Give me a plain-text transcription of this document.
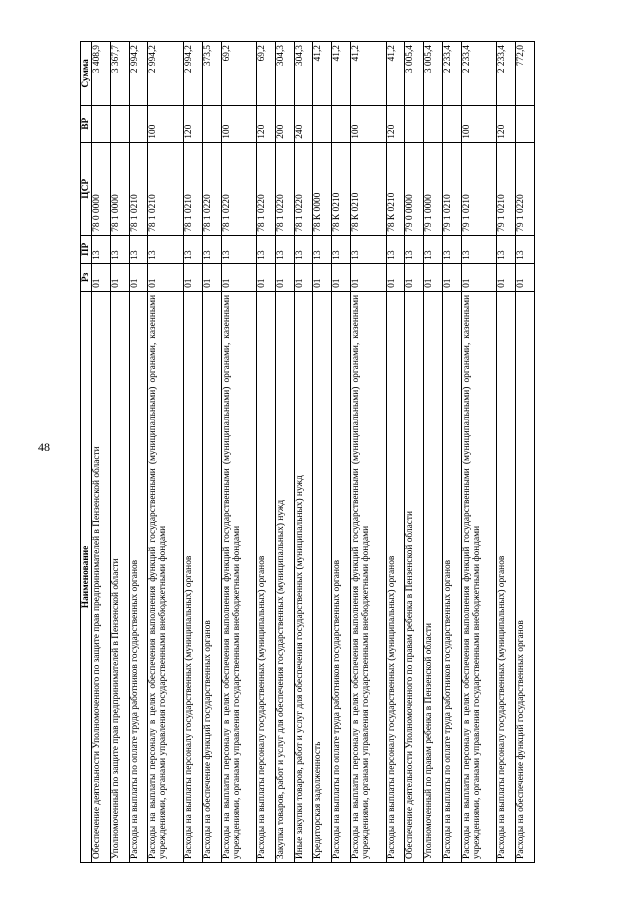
48
Наименование	Рз	ПР	ЦСР	ВР	Сумма
Обеспечение деятельности Уполномоченного по защите прав предпринимателей в Пензенской области	01	13	78 0 0000		3 408,9
Уполномоченный по защите прав предпринимателей в Пензенской области	01	13	78 1 0000		3 367,7
Расходы на выплаты по оплате труда работников государственных органов	01	13	78 1 0210		2 994,2
Расходы на выплаты персоналу в целях обеспечения выполнения функций государственными (муниципальными) органами, казенными учреждениями, органами управления государственными внебюджетными фондами	01	13	78 1 0210	100	2 994,2
Расходы на выплаты персоналу государственных (муниципальных) органов	01	13	78 1 0210	120	2 994,2
Расходы на обеспечение функций государственных органов	01	13	78 1 0220		373,5
Расходы на выплаты персоналу в целях обеспечения выполнения функций государственными (муниципальными) органами, казенными учреждениями, органами управления государственными внебюджетными фондами	01	13	78 1 0220	100	69,2
Расходы на выплаты персоналу государственных (муниципальных) органов	01	13	78 1 0220	120	69,2
Закупка товаров, работ и услуг для обеспечения государственных (муниципальных) нужд	01	13	78 1 0220	200	304,3
Иные закупки товаров, работ и услуг для обеспечения государственных (муниципальных) нужд	01	13	78 1 0220	240	304,3
Кредиторская задолженность	01	13	78 К 0000		41,2
Расходы на выплаты по оплате труда работников государственных органов	01	13	78 К 0210		41,2
Расходы на выплаты персоналу в целях обеспечения выполнения функций государственными (муниципальными) органами, казенными учреждениями, органами управления государственными внебюджетными фондами	01	13	78 К 0210	100	41,2
Расходы на выплаты персоналу государственных (муниципальных) органов	01	13	78 К 0210	120	41,2
Обеспечение деятельности Уполномоченного по правам ребенка в Пензенской области	01	13	79 0 0000		3 005,4
Уполномоченный по правам ребенка в Пензенской области	01	13	79 1 0000		3 005,4
Расходы на выплаты по оплате труда работников государственных органов	01	13	79 1 0210		2 233,4
Расходы на выплаты персоналу в целях обеспечения выполнения функций государственными (муниципальными) органами, казенными учреждениями, органами управления государственными внебюджетными фондами	01	13	79 1 0210	100	2 233,4
Расходы на выплаты персоналу государственных (муниципальных) органов	01	13	79 1 0210	120	2 233,4
Расходы на обеспечение функций государственных органов	01	13	79 1 0220		772,0
